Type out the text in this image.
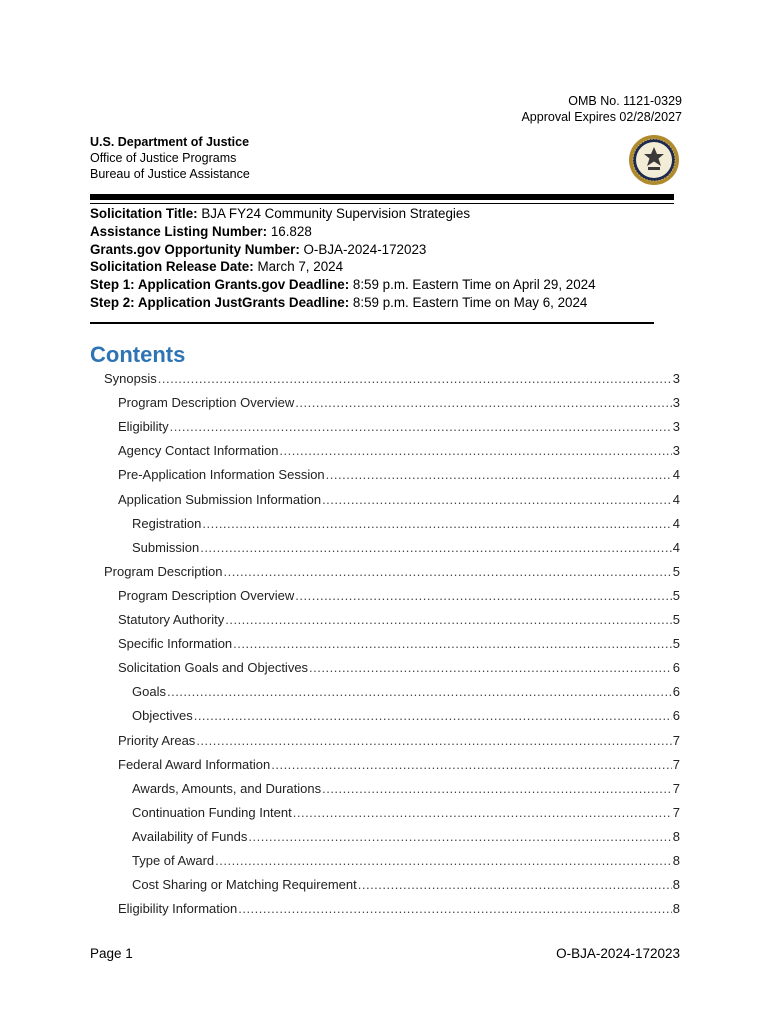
OMB No. 1121-0329
Approval Expires 02/28/2027
U.S. Department of Justice
Office of Justice Programs
Bureau of Justice Assistance
Solicitation Title: BJA FY24 Community Supervision Strategies
Assistance Listing Number: 16.828
Grants.gov Opportunity Number: O-BJA-2024-172023
Solicitation Release Date: March 7, 2024
Step 1: Application Grants.gov Deadline: 8:59 p.m. Eastern Time on April 29, 2024
Step 2: Application JustGrants Deadline: 8:59 p.m. Eastern Time on May 6, 2024
Contents
Synopsis .....	3
Program Description Overview .....	3
Eligibility .....	3
Agency Contact Information .....	3
Pre-Application Information Session .....	4
Application Submission Information .....	4
Registration .....	4
Submission .....	4
Program Description .....	5
Program Description Overview .....	5
Statutory Authority .....	5
Specific Information .....	5
Solicitation Goals and Objectives .....	6
Goals .....	6
Objectives .....	6
Priority Areas .....	7
Federal Award Information .....	7
Awards, Amounts, and Durations .....	7
Continuation Funding Intent .....	7
Availability of Funds .....	8
Type of Award .....	8
Cost Sharing or Matching Requirement .....	8
Eligibility Information .....	8
Page 1	O-BJA-2024-172023
